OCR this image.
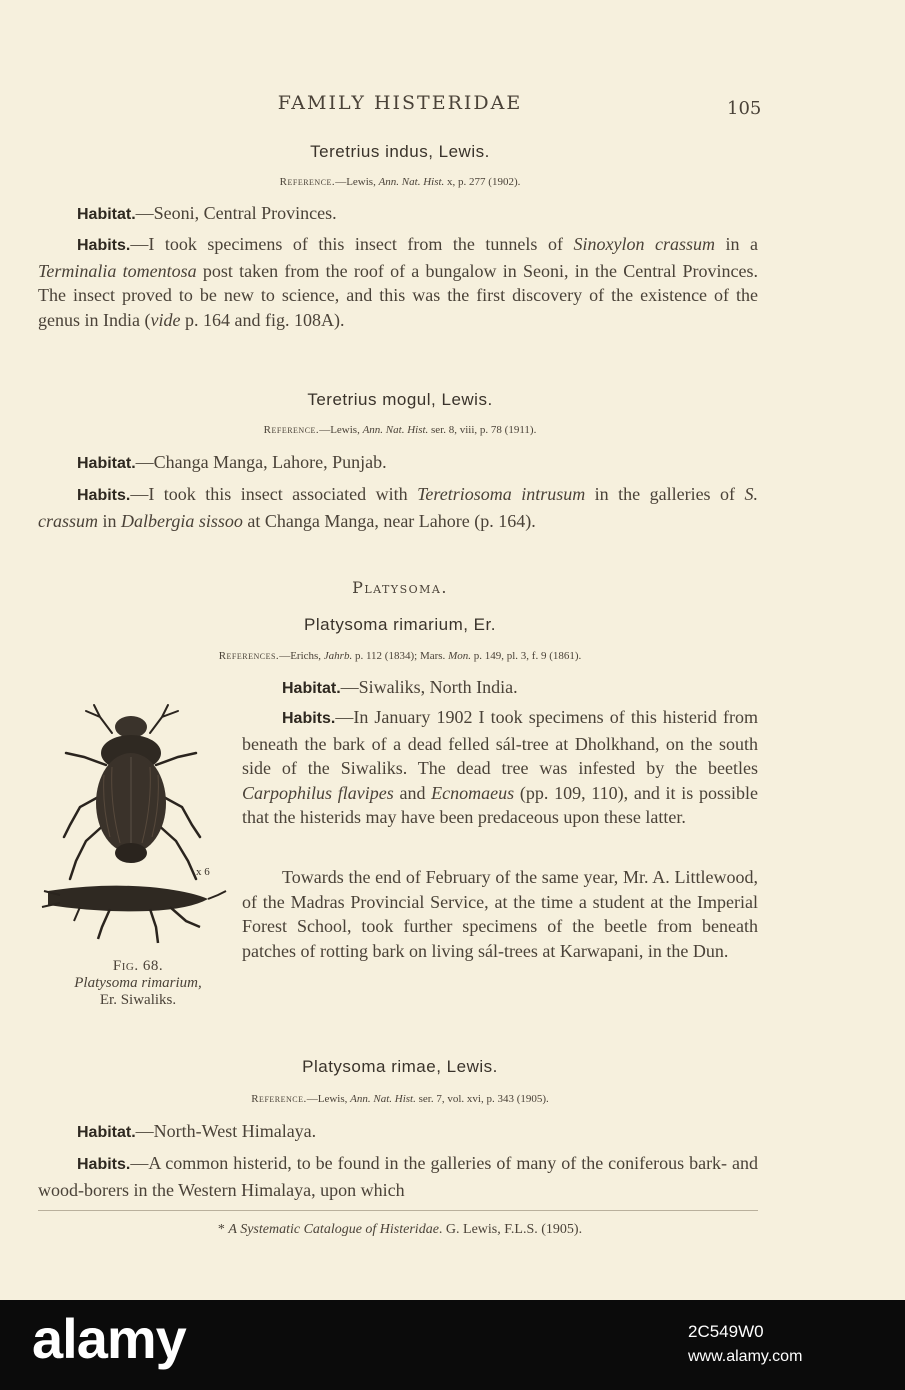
FAMILY HISTERIDAE	105
Teretrius indus, Lewis.
Reference.—Lewis, Ann. Nat. Hist. x, p. 277 (1902).
Habitat.—Seoni, Central Provinces.
Habits.—I took specimens of this insect from the tunnels of Sinoxylon crassum in a Terminalia tomentosa post taken from the roof of a bungalow in Seoni, in the Central Provinces. The insect proved to be new to science, and this was the first discovery of the existence of the genus in India (vide p. 164 and fig. 108A).
Teretrius mogul, Lewis.
Reference.—Lewis, Ann. Nat. Hist. ser. 8, viii, p. 78 (1911).
Habitat.—Changa Manga, Lahore, Punjab.
Habits.—I took this insect associated with Teretriosoma intrusum in the galleries of S. crassum in Dalbergia sissoo at Changa Manga, near Lahore (p. 164).
Platysoma.
Platysoma rimarium, Er.
References.—Erichs, Jahrb. p. 112 (1834); Mars. Mon. p. 149, pl. 3, f. 9 (1861).
Habitat.—Siwaliks, North India.
x 6
Fig. 68.
Platysoma rimarium,
Er. Siwaliks.
Habits.—In January 1902 I took specimens of this histerid from beneath the bark of a dead felled sál-tree at Dholkhand, on the south side of the Siwaliks. The dead tree was infested by the beetles Carpophilus flavipes and Ecnomaeus (pp. 109, 110), and it is possible that the histerids may have been predaceous upon these latter.
Towards the end of February of the same year, Mr. A. Littlewood, of the Madras Provincial Service, at the time a student at the Imperial Forest School, took further specimens of the beetle from beneath patches of rotting bark on living sál-trees at Karwapani, in the Dun.
Platysoma rimae, Lewis.
Reference.—Lewis, Ann. Nat. Hist. ser. 7, vol. xvi, p. 343 (1905).
Habitat.—North-West Himalaya.
Habits.—A common histerid, to be found in the galleries of many of the coniferous bark- and wood-borers in the Western Himalaya, upon which
* A Systematic Catalogue of Histeridae. G. Lewis, F.L.S. (1905).
alamy	2C549W0
www.alamy.com
